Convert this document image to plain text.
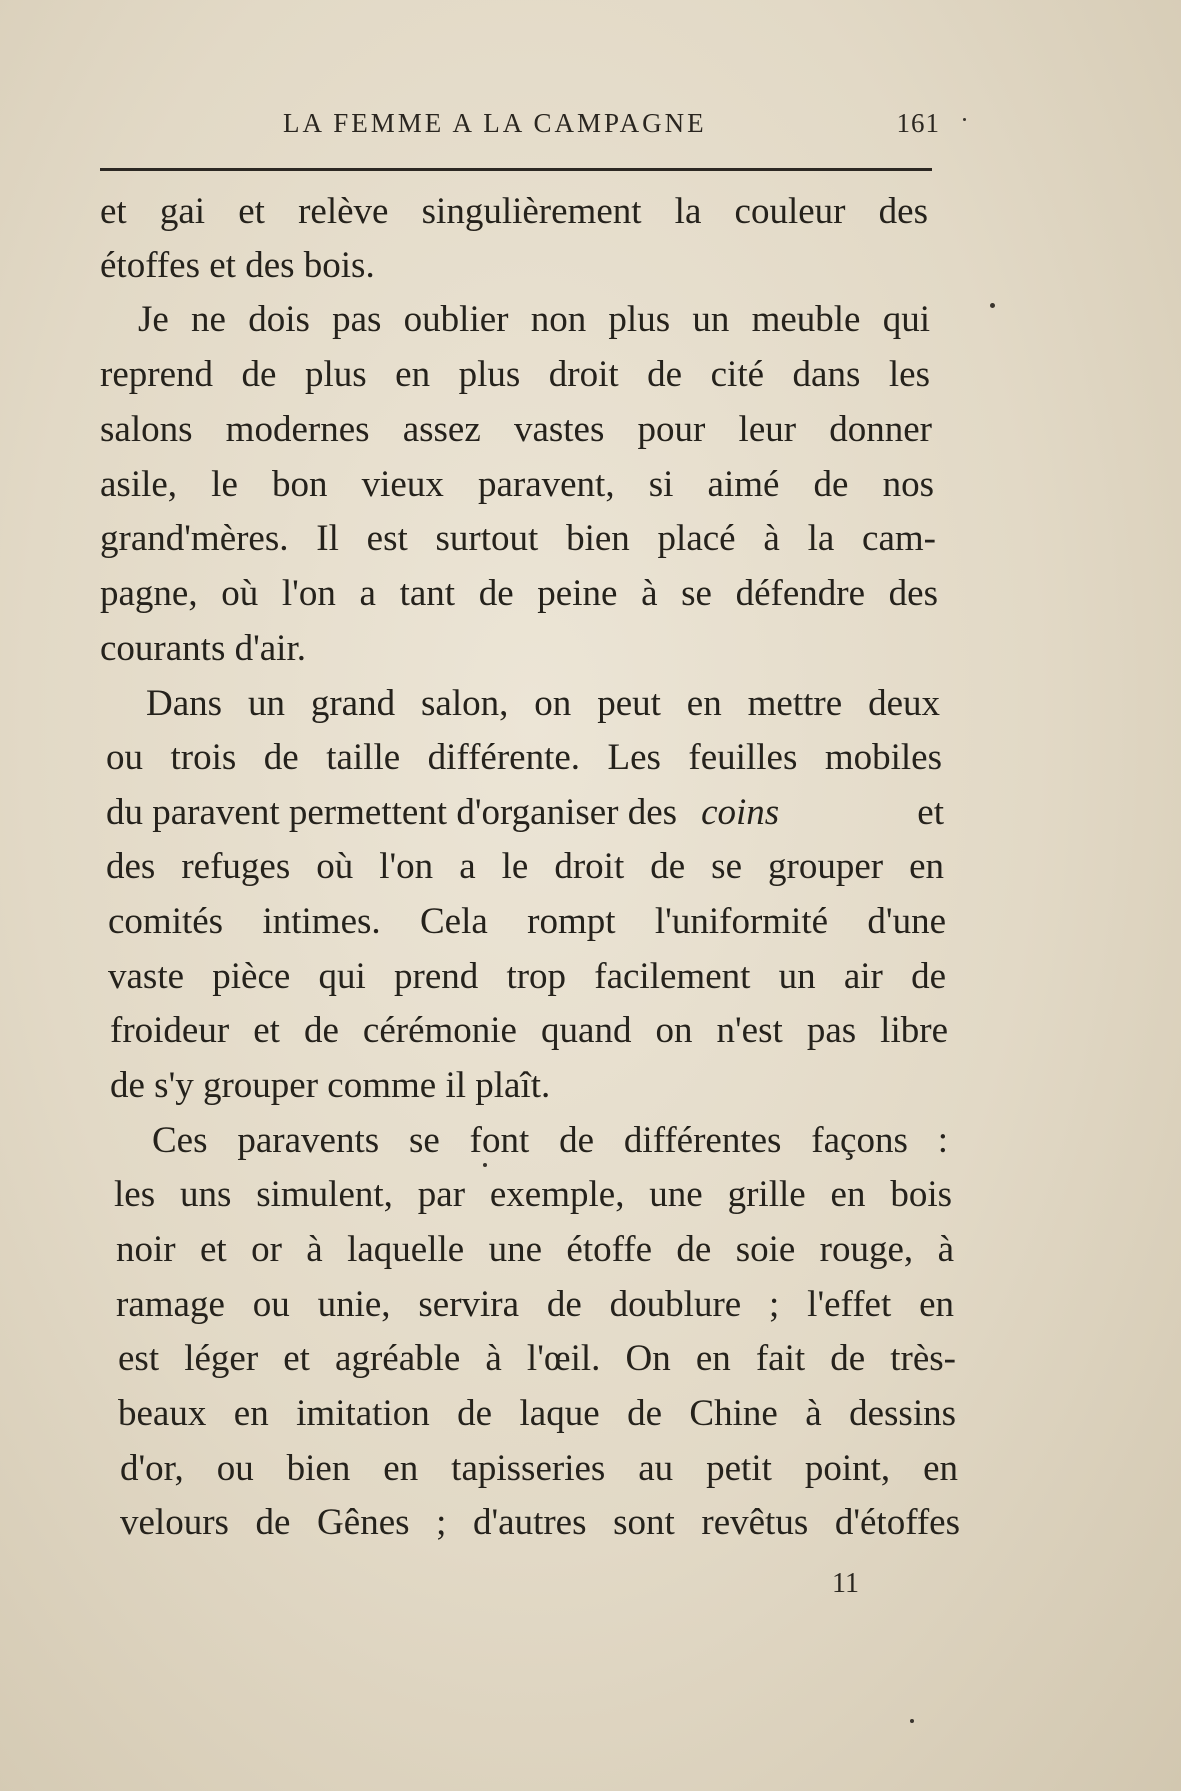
LA FEMME A LA CAMPAGNE	161
et gai et relève singulièrement la couleur des
étoffes et des bois.
Je ne dois pas oublier non plus un meuble qui
reprend de plus en plus droit de cité dans les
salons modernes assez vastes pour leur donner
asile, le bon vieux paravent, si aimé de nos
grand'mères. Il est surtout bien placé à la cam-
pagne, où l'on a tant de peine à se défendre des
courants d'air.
Dans un grand salon, on peut en mettre deux
ou trois de taille différente. Les feuilles mobiles
du paravent permettent d'organiser des coins	et
des refuges où l'on a le droit de se grouper en
comités intimes. Cela rompt l'uniformité d'une
vaste pièce qui prend trop facilement un air de
froideur et de cérémonie quand on n'est pas libre
de s'y grouper comme il plaît.
Ces paravents se font de différentes façons :
les uns simulent, par exemple, une grille en bois
noir et or à laquelle une étoffe de soie rouge, à
ramage ou unie, servira de doublure ; l'effet en
est léger et agréable à l'œil. On en fait de très-
beaux en imitation de laque de Chine à dessins
d'or, ou bien en tapisseries au petit point, en
velours de Gênes ; d'autres sont revêtus d'étoffes
11
